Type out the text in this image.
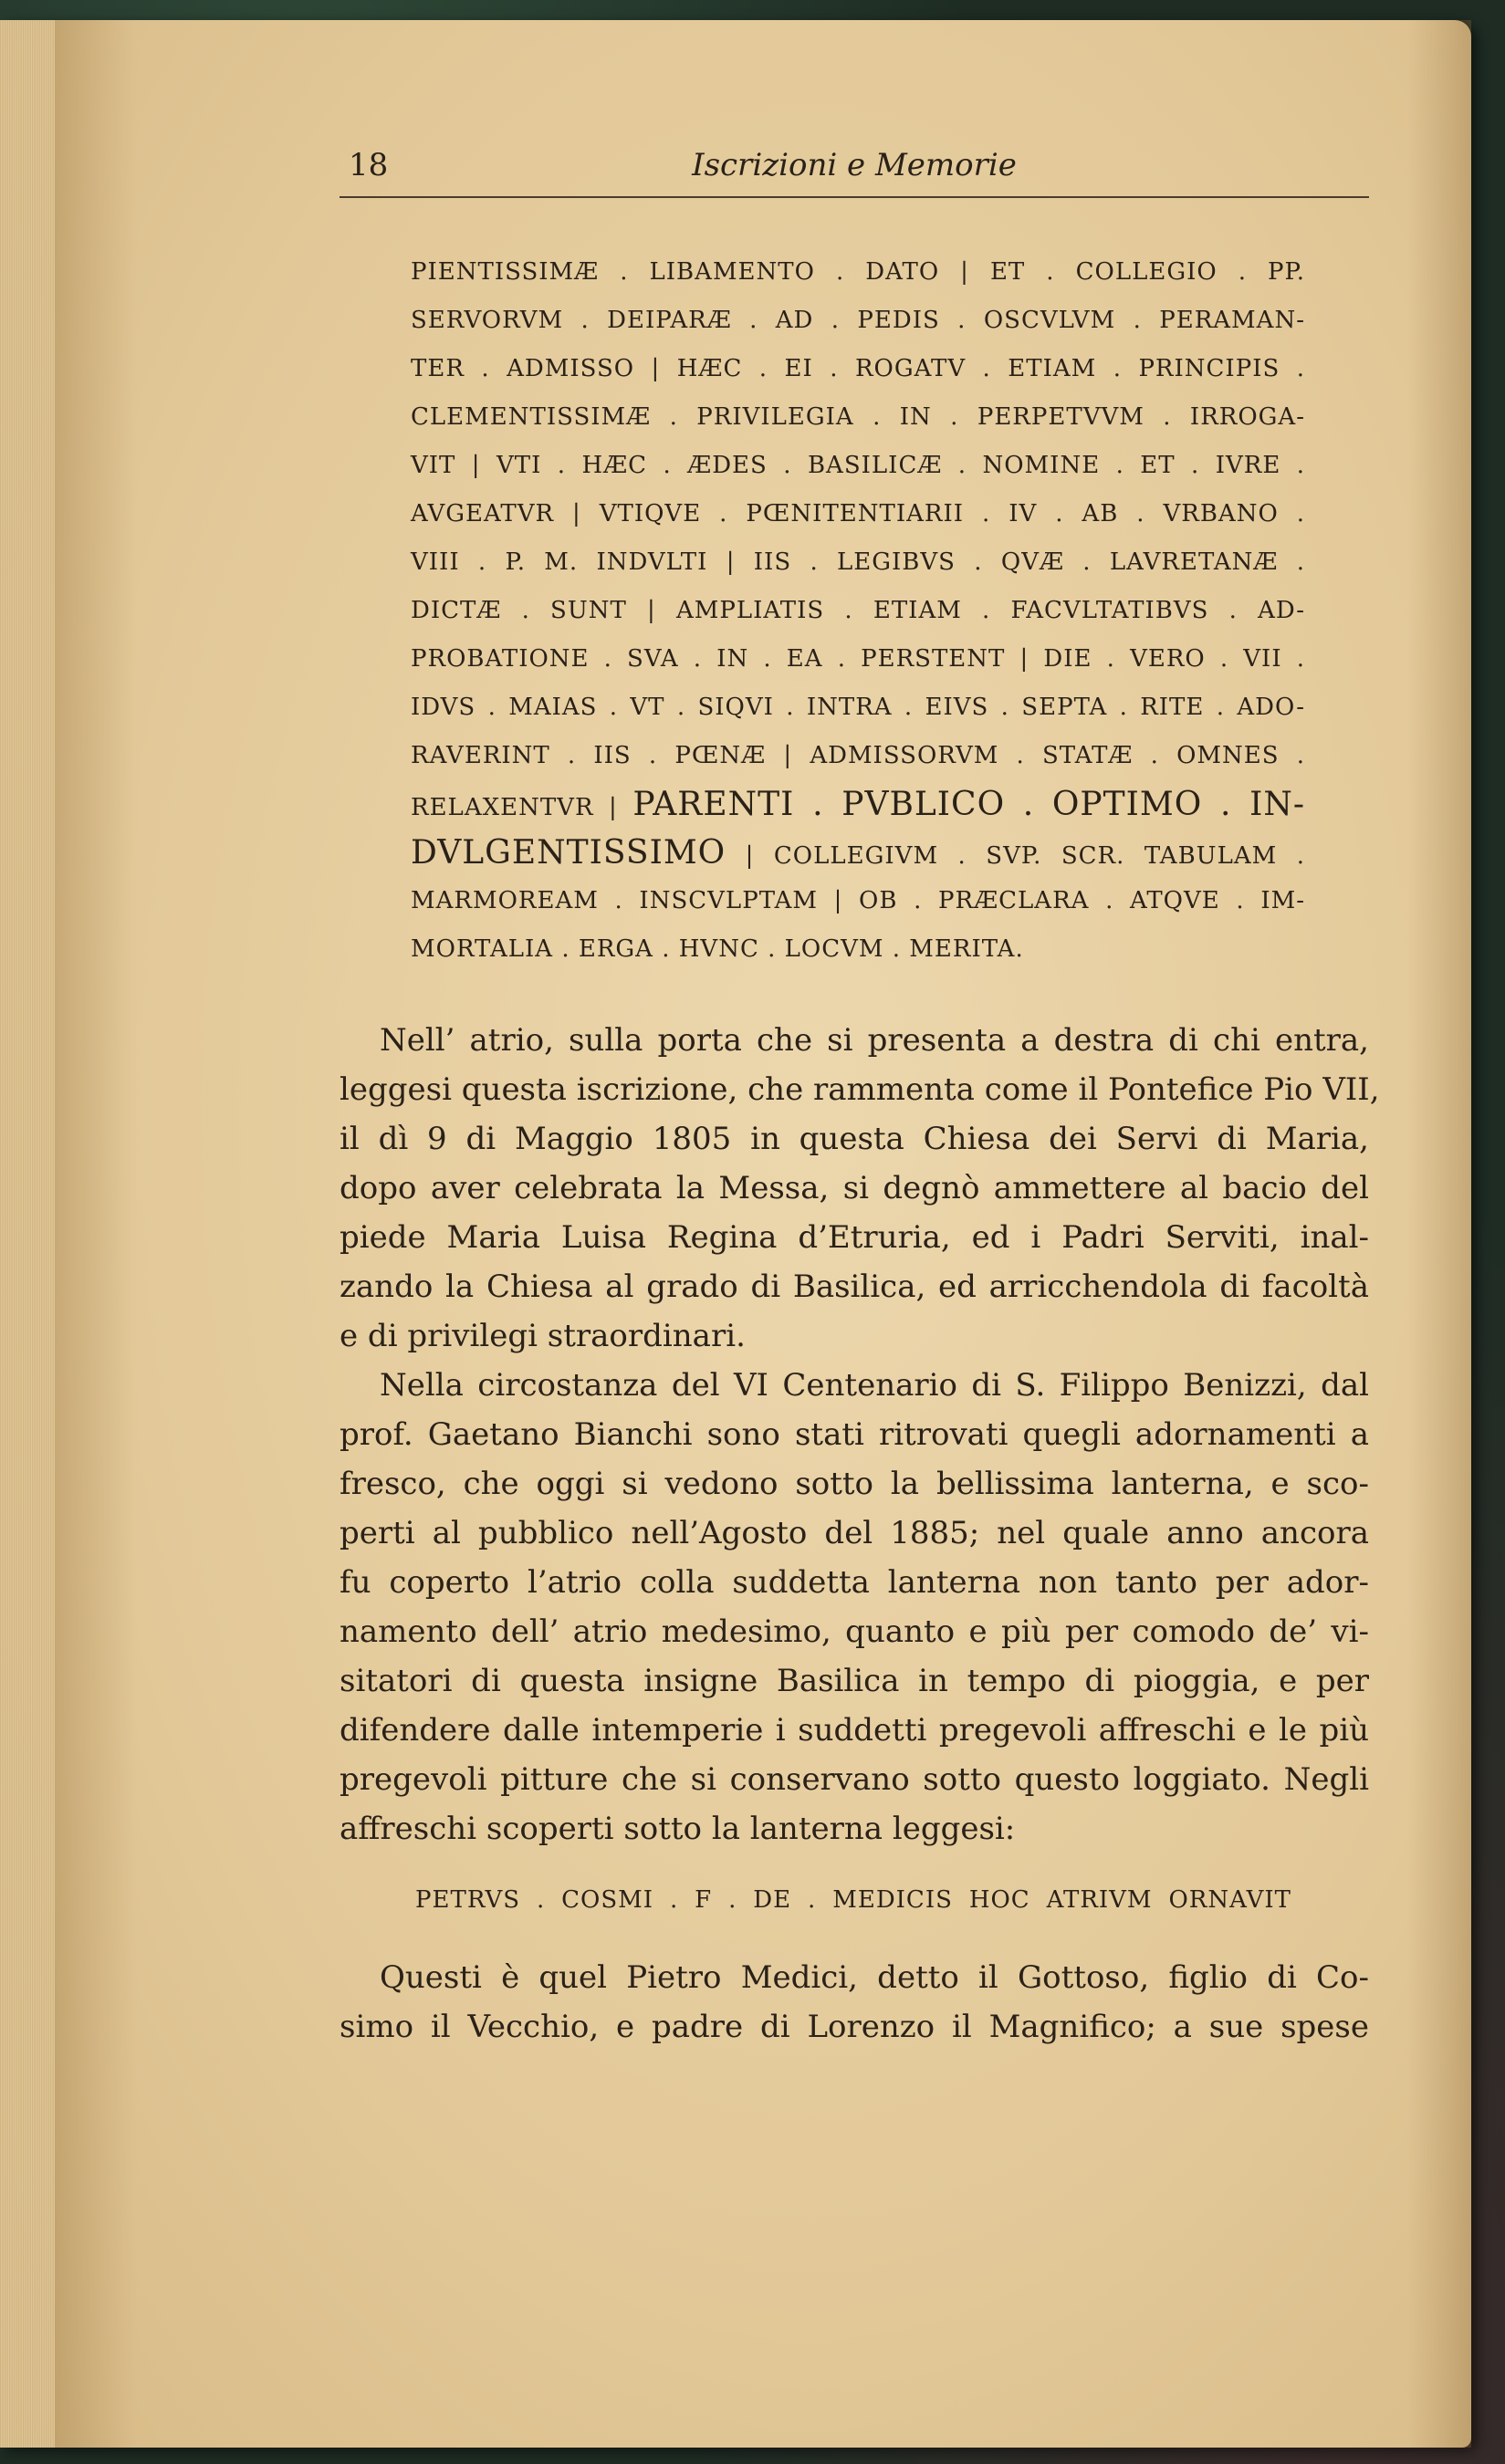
18	Iscrizioni e Memorie
PIENTISSIMÆ . LIBAMENTO . DATO | ET . COLLEGIO . PP.
SERVORVM . DEIPARÆ . AD . PEDIS . OSCVLVM . PERAMAN-
TER . ADMISSO | HÆC . EI . ROGATV . ETIAM . PRINCIPIS .
CLEMENTISSIMÆ . PRIVILEGIA . IN . PERPETVVM . IRROGA-
VIT | VTI . HÆC . ÆDES . BASILICÆ . NOMINE . ET . IVRE .
AVGEATVR | VTIQVE . PŒNITENTIARII . IV . AB . VRBANO .
VIII . P. M. INDVLTI | IIS . LEGIBVS . QVÆ . LAVRETANÆ .
DICTÆ . SUNT | AMPLIATIS . ETIAM . FACVLTATIBVS . AD-
PROBATIONE . SVA . IN . EA . PERSTENT | DIE . VERO . VII .
IDVS . MAIAS . VT . SIQVI . INTRA . EIVS . SEPTA . RITE . ADO-
RAVERINT . IIS . PŒNÆ | ADMISSORVM . STATÆ . OMNES .
RELAXENTVR | PARENTI . PVBLICO . OPTIMO . IN-
DVLGENTISSIMO | COLLEGIVM . SVP. SCR. TABULAM .
MARMOREAM . INSCVLPTAM | OB . PRÆCLARA . ATQVE . IM-
MORTALIA . ERGA . HVNC . LOCVM . MERITA.
Nell’ atrio, sulla porta che si presenta a destra di chi entra,
leggesi questa iscrizione, che rammenta come il Pontefice Pio VII,
il dì 9 di Maggio 1805 in questa Chiesa dei Servi di Maria,
dopo aver celebrata la Messa, si degnò ammettere al bacio del
piede Maria Luisa Regina d’Etruria, ed i Padri Serviti, inal-
zando la Chiesa al grado di Basilica, ed arricchendola di facoltà
e di privilegi straordinari.
Nella circostanza del VI Centenario di S. Filippo Benizzi, dal
prof. Gaetano Bianchi sono stati ritrovati quegli adornamenti a
fresco, che oggi si vedono sotto la bellissima lanterna, e sco-
perti al pubblico nell’Agosto del 1885; nel quale anno ancora
fu coperto l’atrio colla suddetta lanterna non tanto per ador-
namento dell’ atrio medesimo, quanto e più per comodo de’ vi-
sitatori di questa insigne Basilica in tempo di pioggia, e per
difendere dalle intemperie i suddetti pregevoli affreschi e le più
pregevoli pitture che si conservano sotto questo loggiato. Negli
affreschi scoperti sotto la lanterna leggesi:
PETRVS . COSMI . F . DE . MEDICIS HOC ATRIVM ORNAVIT
Questi è quel Pietro Medici, detto il Gottoso, figlio di Co-
simo il Vecchio, e padre di Lorenzo il Magnifico; a sue spese
